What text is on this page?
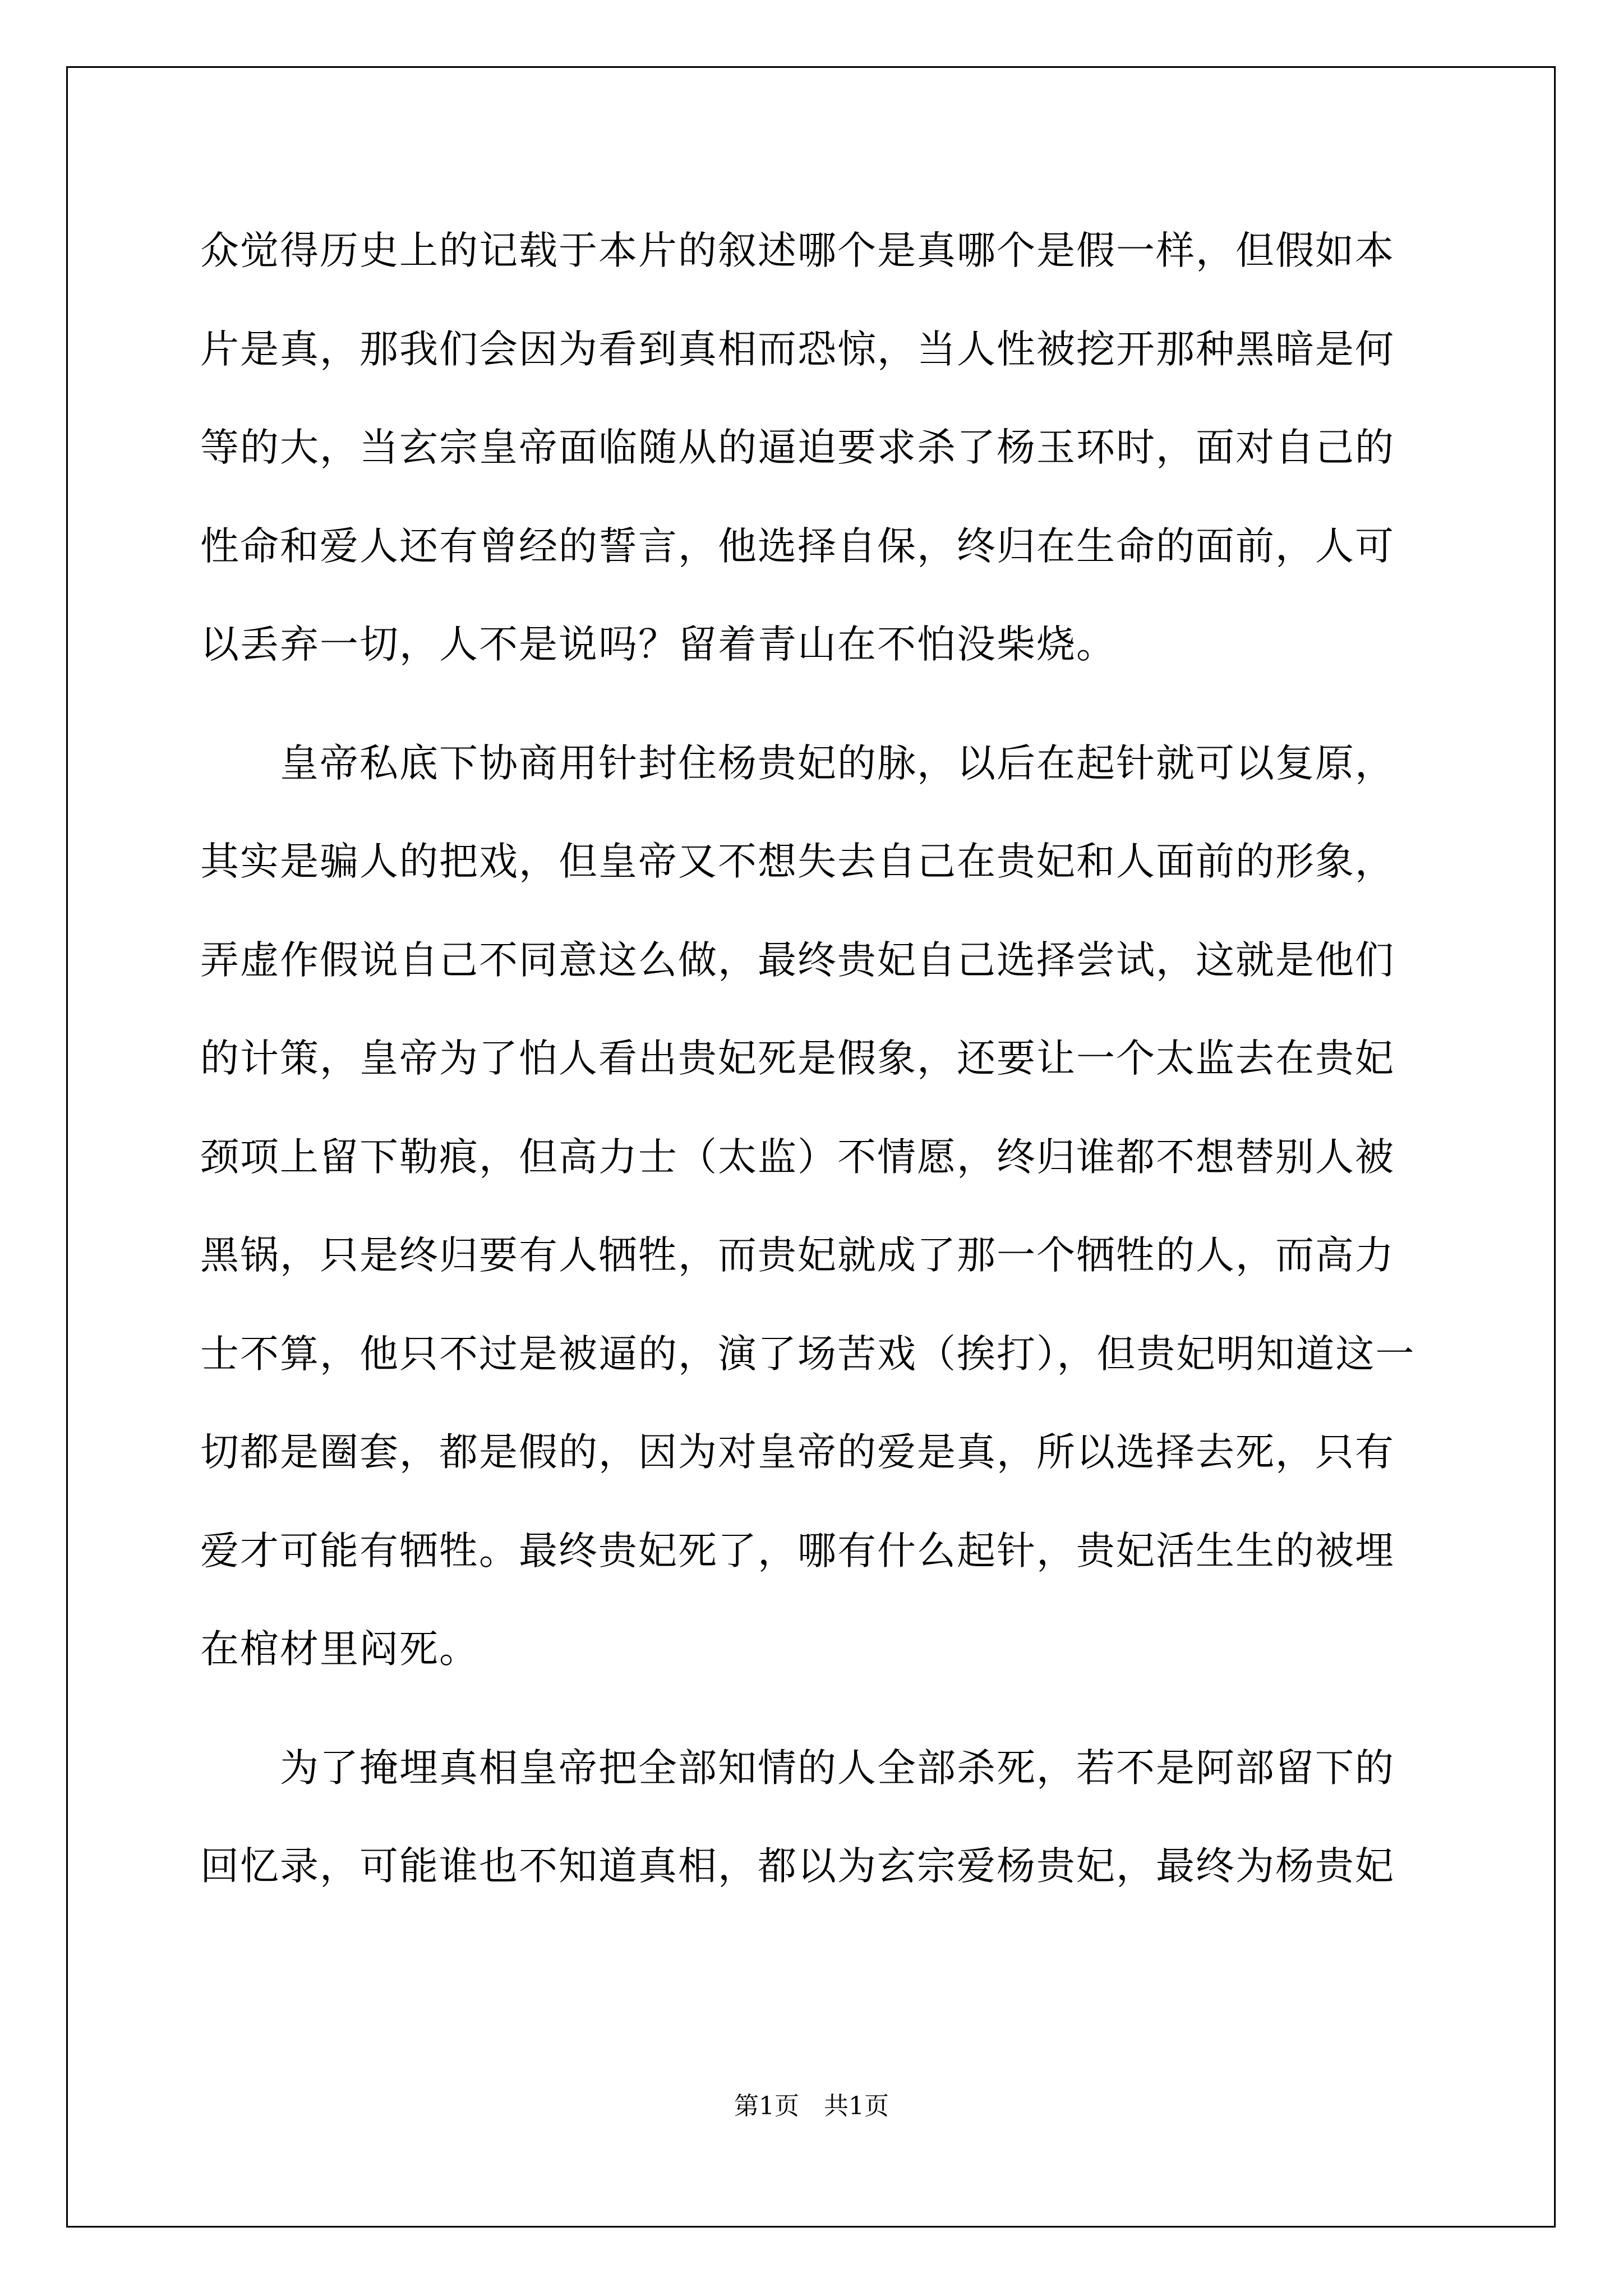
众觉得历史上的记载于本片的叙述哪个是真哪个是假一样，但假如本
片是真，那我们会因为看到真相而恐惊，当人性被挖开那种黑暗是何
等的大，当玄宗皇帝面临随从的逼迫要求杀了杨玉环时，面对自己的
性命和爱人还有曾经的誓言，他选择自保，终归在生命的面前，人可
以丢弃一切，人不是说吗？留着青山在不怕没柴烧。
　　皇帝私底下协商用针封住杨贵妃的脉，以后在起针就可以复原，
其实是骗人的把戏，但皇帝又不想失去自己在贵妃和人面前的形象，
弄虚作假说自己不同意这么做，最终贵妃自己选择尝试，这就是他们
的计策，皇帝为了怕人看出贵妃死是假象，还要让一个太监去在贵妃
颈项上留下勒痕，但高力士（太监）不情愿，终归谁都不想替别人被
黑锅，只是终归要有人牺牲，而贵妃就成了那一个牺牲的人，而高力
士不算，他只不过是被逼的，演了场苦戏（挨打），但贵妃明知道这一
切都是圈套，都是假的，因为对皇帝的爱是真，所以选择去死，只有
爱才可能有牺牲。最终贵妃死了，哪有什么起针，贵妃活生生的被埋
在棺材里闷死。
　　为了掩埋真相皇帝把全部知情的人全部杀死，若不是阿部留下的
回忆录，可能谁也不知道真相，都以为玄宗爱杨贵妃，最终为杨贵妃
第1页　共1页
